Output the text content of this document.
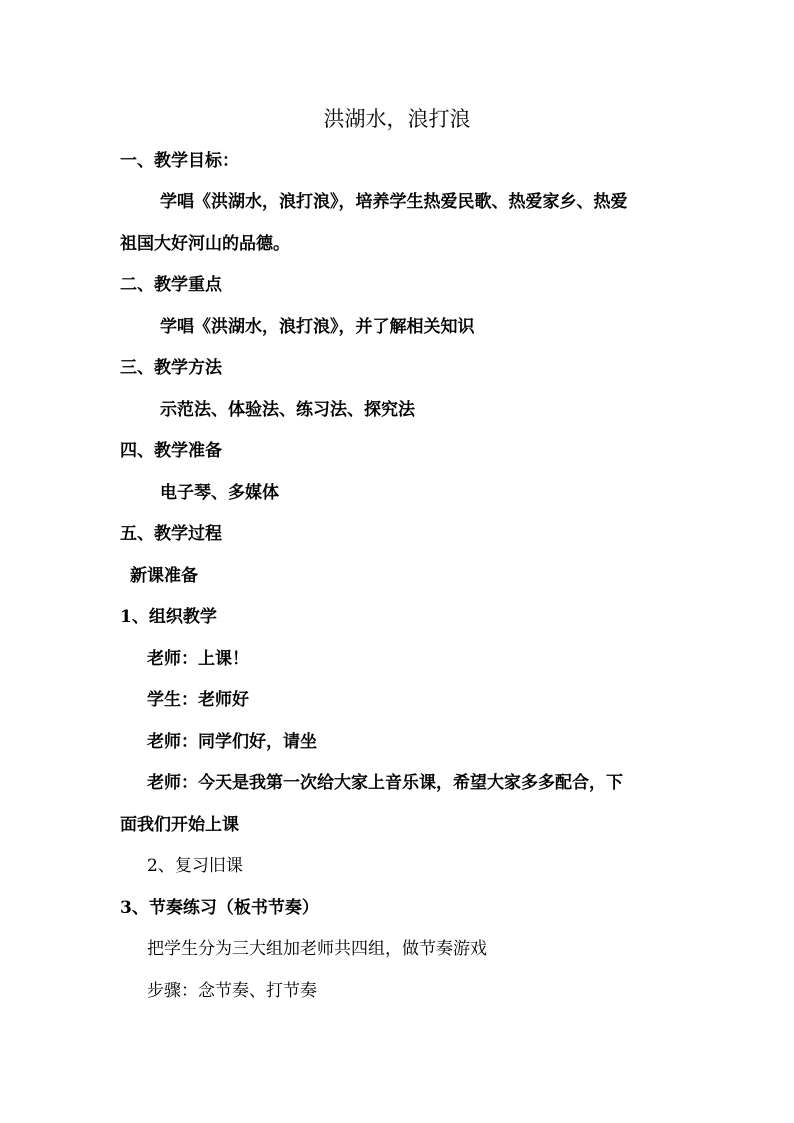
洪湖水，浪打浪
一、教学目标：
学唱《洪湖水，浪打浪》，培养学生热爱民歌、热爱家乡、热爱
祖国大好河山的品德。
二、教学重点
学唱《洪湖水，浪打浪》，并了解相关知识
三、教学方法
示范法、体验法、练习法、探究法
四、教学准备
电子琴、多媒体
五、教学过程
新课准备
1、组织教学
老师：上课！
学生：老师好
老师：同学们好，请坐
老师：今天是我第一次给大家上音乐课，希望大家多多配合，下
面我们开始上课
2、复习旧课
3、节奏练习（板书节奏）
把学生分为三大组加老师共四组，做节奏游戏
步骤：念节奏、打节奏
